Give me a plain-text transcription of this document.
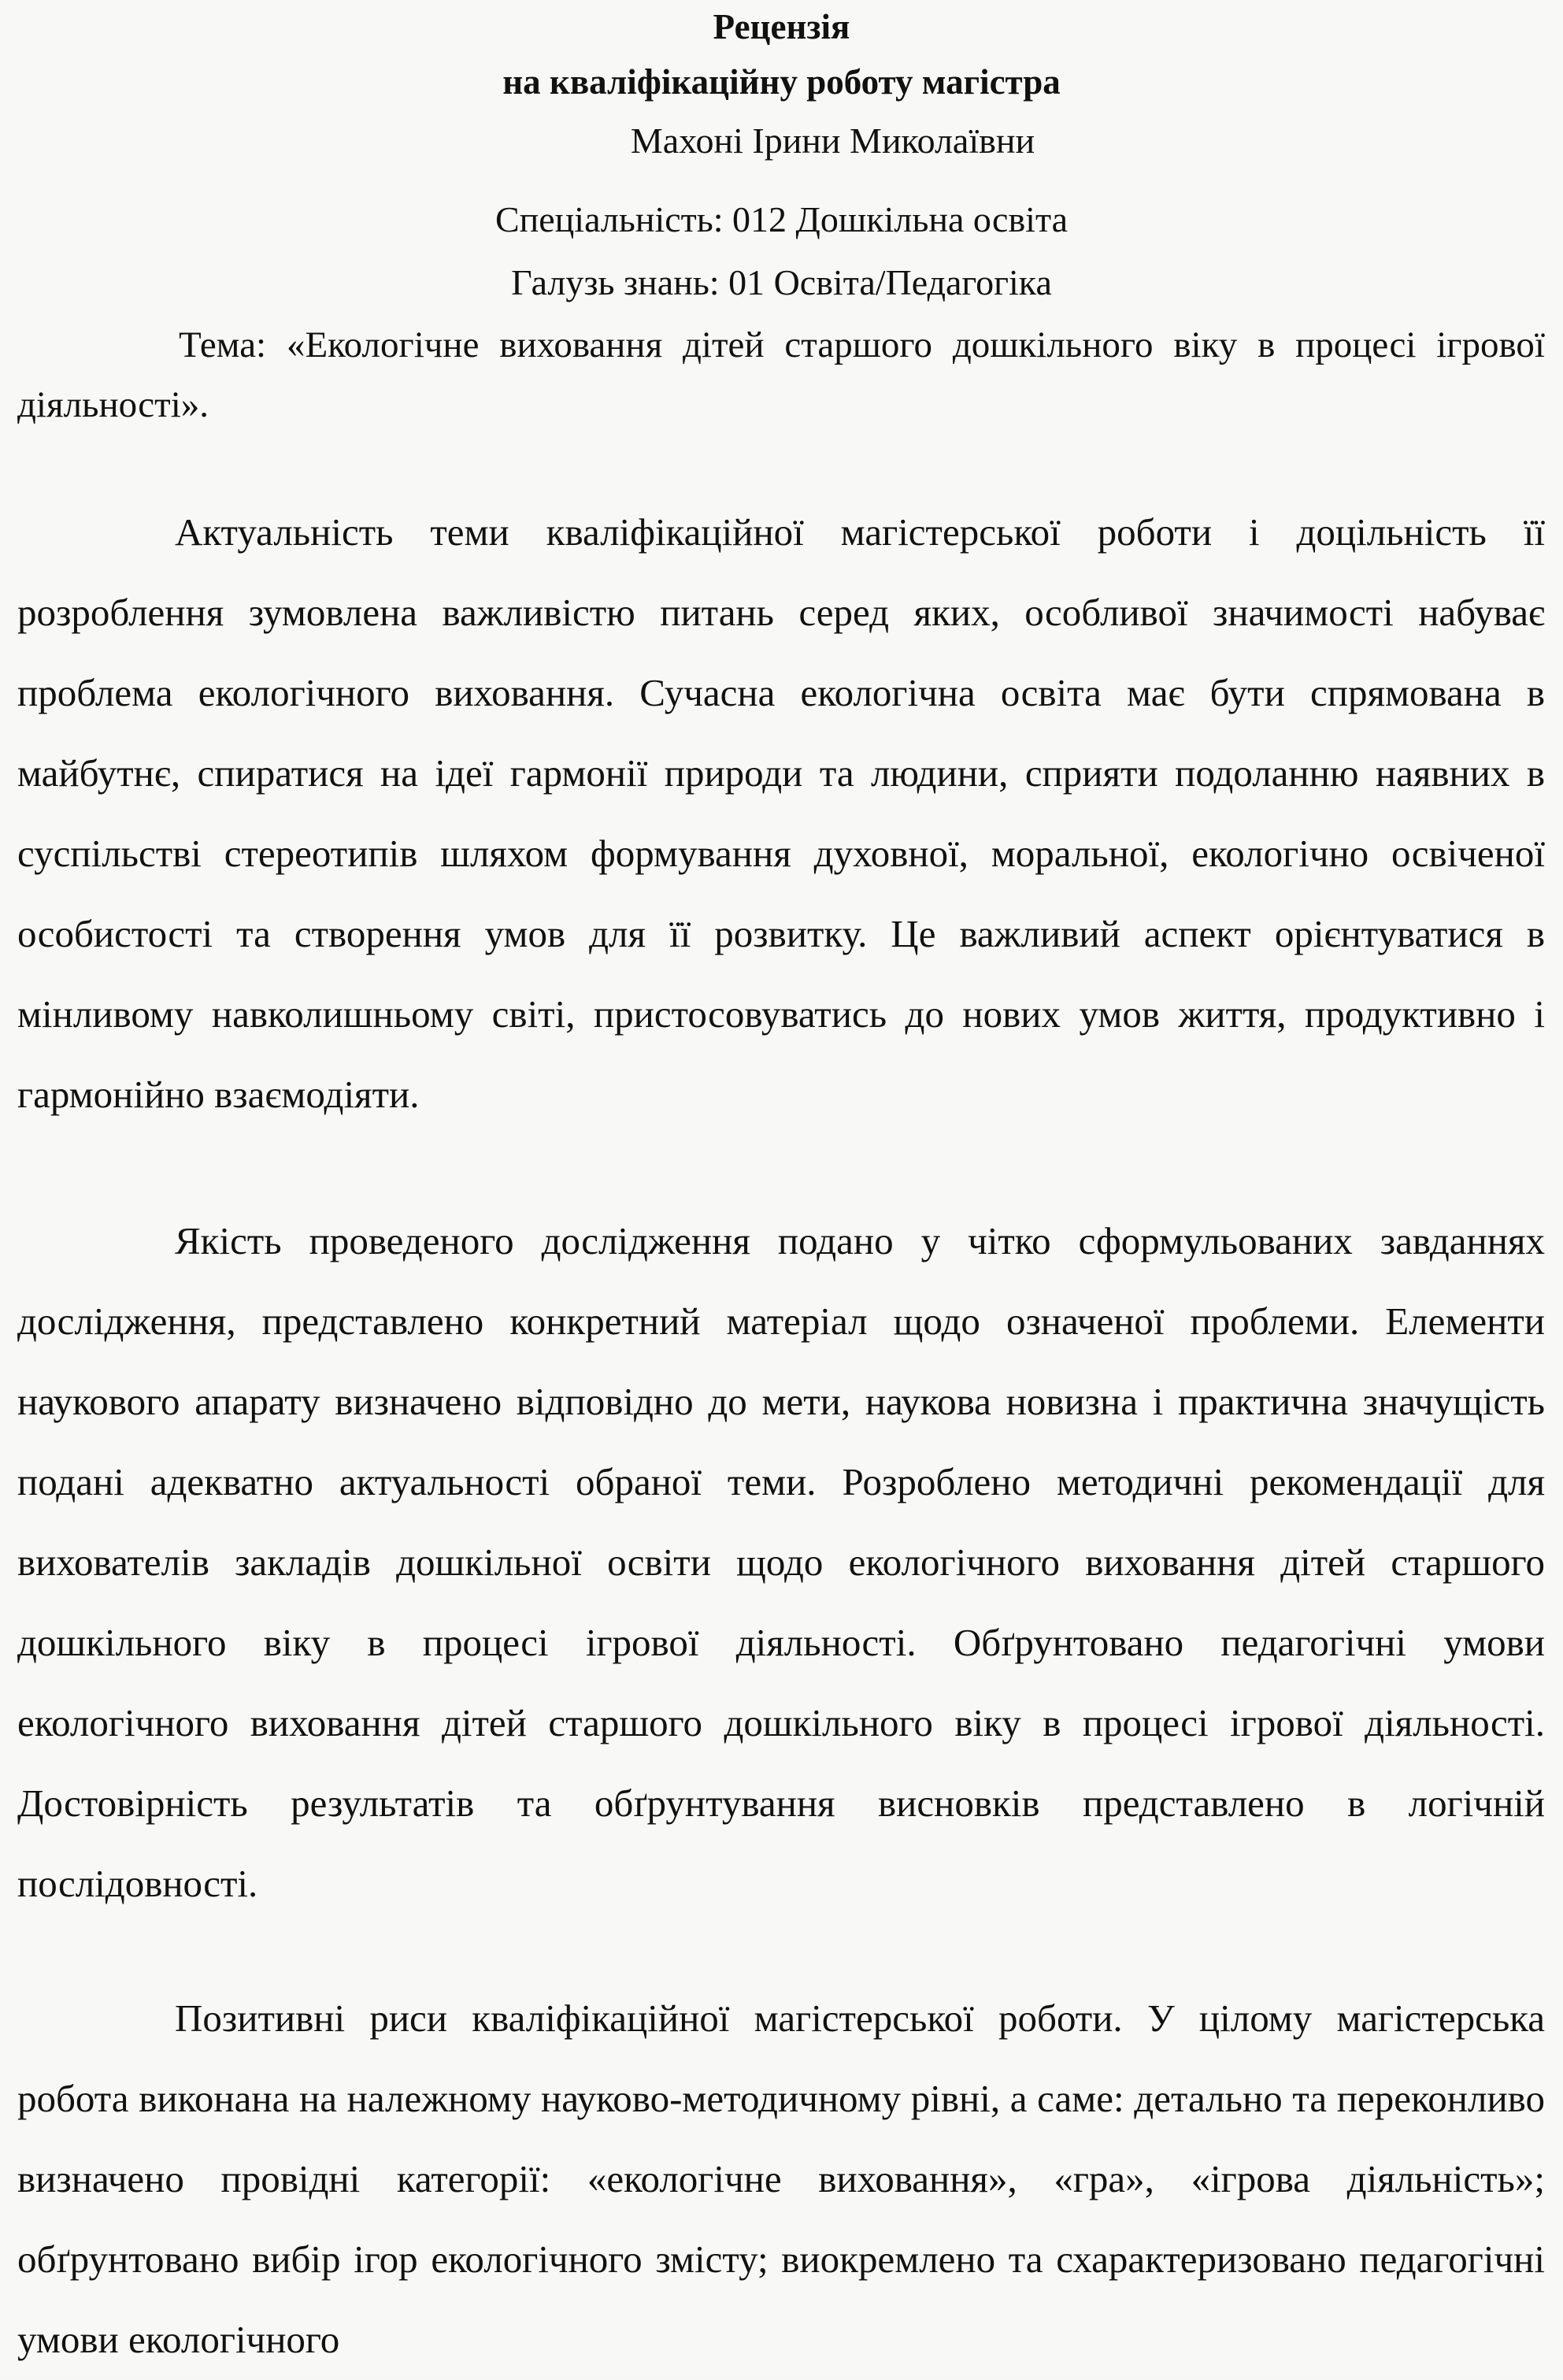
Рецензія
на кваліфікаційну роботу магістра
Махоні Ірини Миколаївни
Спеціальність: 012 Дошкільна освіта
Галузь знань: 01 Освіта/Педагогіка
Тема: «Екологічне виховання дітей старшого дошкільного віку в процесі ігрової діяльності».
Актуальність теми кваліфікаційної магістерської роботи і доцільність її розроблення зумовлена важливістю питань серед яких, особливої значимості набуває проблема екологічного виховання. Сучасна екологічна освіта має бути спрямована в майбутнє, спиратися на ідеї гармонії природи та людини, сприяти подоланню наявних в суспільстві стереотипів шляхом формування духовної, моральної, екологічно освіченої особистості та створення умов для її розвитку. Це важливий аспект орієнтуватися в мінливому навколишньому світі, пристосовуватись до нових умов життя, продуктивно і гармонійно взаємодіяти.
Якість проведеного дослідження подано у чітко сформульованих завданнях дослідження, представлено конкретний матеріал щодо означеної проблеми. Елементи наукового апарату визначено відповідно до мети, наукова новизна і практична значущість подані адекватно актуальності обраної теми. Розроблено методичні рекомендації для вихователів закладів дошкільної освіти щодо екологічного виховання дітей старшого дошкільного віку в процесі ігрової діяльності. Обґрунтовано педагогічні умови екологічного виховання дітей старшого дошкільного віку в процесі ігрової діяльності. Достовірність результатів та обґрунтування висновків представлено в логічній послідовності.
Позитивні риси кваліфікаційної магістерської роботи. У цілому магістерська робота виконана на належному науково-методичному рівні, а саме: детально та переконливо визначено провідні категорії: «екологічне виховання», «гра», «ігрова діяльність»; обґрунтовано вибір ігор екологічного змісту; виокремлено та схарактеризовано педагогічні умови екологічного
